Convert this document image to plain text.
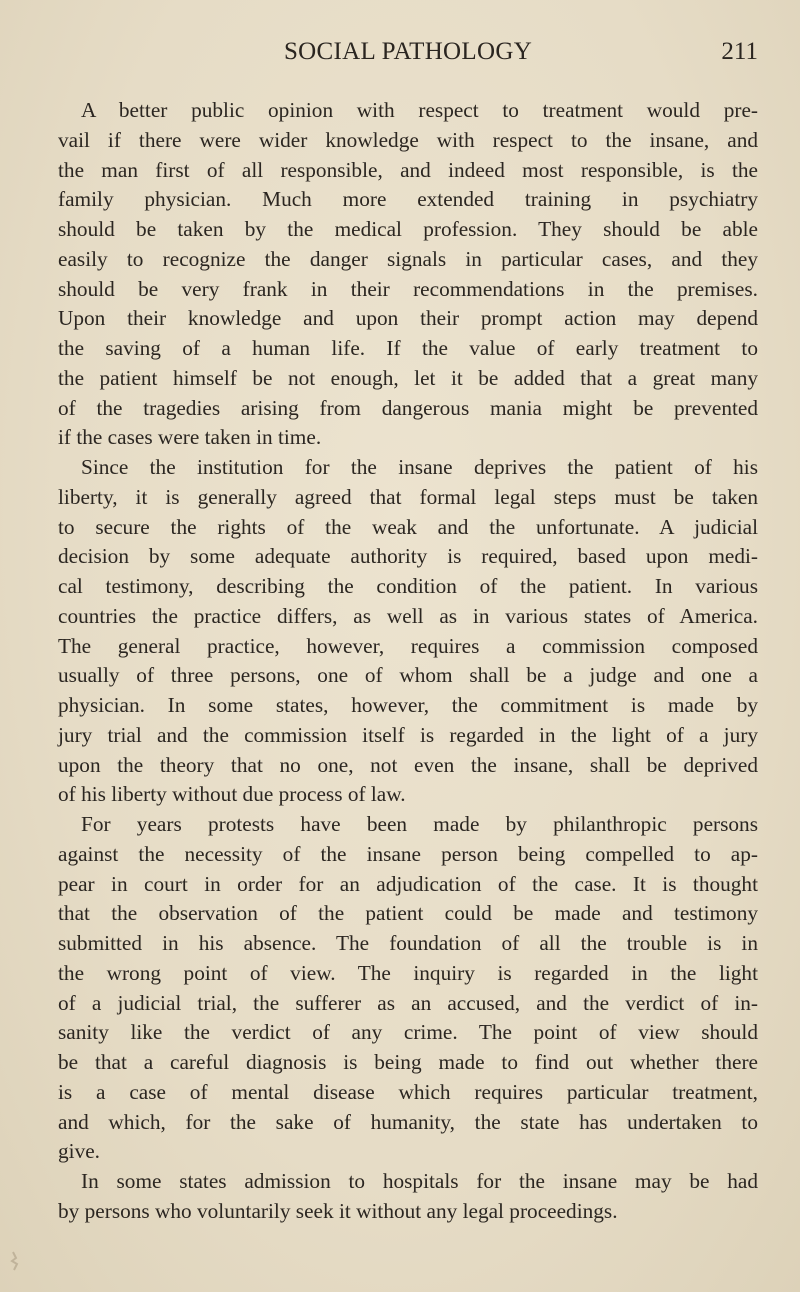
SOCIAL PATHOLOGY	211

A better public opinion with respect to treatment would pre-
vail if there were wider knowledge with respect to the insane, and
the man first of all responsible, and indeed most responsible, is the
family physician. Much more extended training in psychiatry
should be taken by the medical profession. They should be able
easily to recognize the danger signals in particular cases, and they
should be very frank in their recommendations in the premises.
Upon their knowledge and upon their prompt action may depend
the saving of a human life. If the value of early treatment to
the patient himself be not enough, let it be added that a great many
of the tragedies arising from dangerous mania might be prevented
if the cases were taken in time.

Since the institution for the insane deprives the patient of his
liberty, it is generally agreed that formal legal steps must be taken
to secure the rights of the weak and the unfortunate. A judicial
decision by some adequate authority is required, based upon medi-
cal testimony, describing the condition of the patient. In various
countries the practice differs, as well as in various states of America.
The general practice, however, requires a commission composed
usually of three persons, one of whom shall be a judge and one a
physician. In some states, however, the commitment is made by
jury trial and the commission itself is regarded in the light of a jury
upon the theory that no one, not even the insane, shall be deprived
of his liberty without due process of law.

For years protests have been made by philanthropic persons
against the necessity of the insane person being compelled to ap-
pear in court in order for an adjudication of the case. It is thought
that the observation of the patient could be made and testimony
submitted in his absence. The foundation of all the trouble is in
the wrong point of view. The inquiry is regarded in the light
of a judicial trial, the sufferer as an accused, and the verdict of in-
sanity like the verdict of any crime. The point of view should
be that a careful diagnosis is being made to find out whether there
is a case of mental disease which requires particular treatment,
and which, for the sake of humanity, the state has undertaken to
give.

In some states admission to hospitals for the insane may be had
by persons who voluntarily seek it without any legal proceedings.
